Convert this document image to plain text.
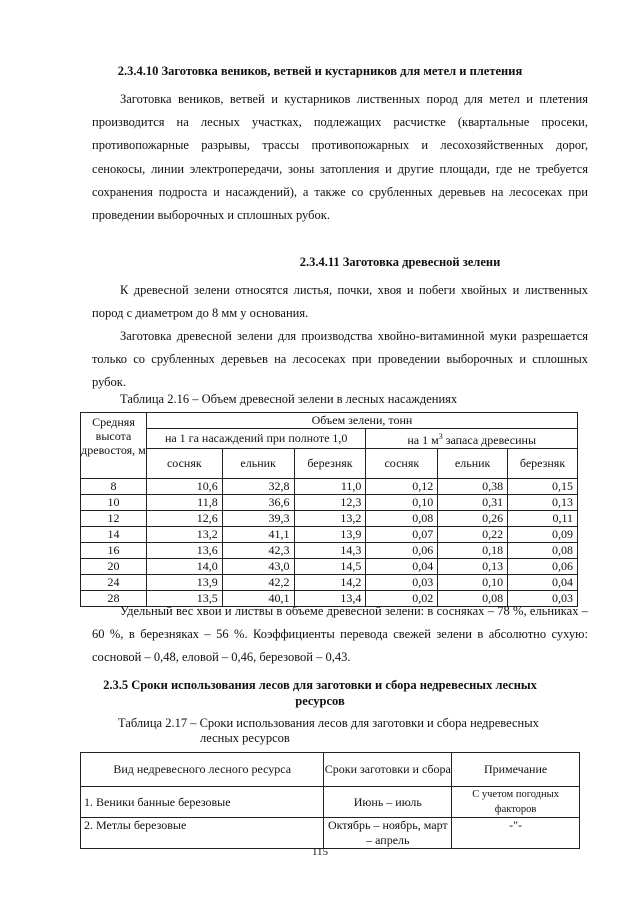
2.3.4.10 Заготовка веников, ветвей и кустарников для метел и плетения
Заготовка веников, ветвей и кустарников лиственных пород для метел и плетения производится на лесных участках, подлежащих расчистке (квартальные просеки, противопожарные разрывы, трассы противопожарных и лесохозяйственных дорог, сенокосы, линии электропередачи, зоны затопления и другие площади, где не требуется сохранения подроста и насаждений), а также со срубленных деревьев на лесосеках при проведении выборочных и сплошных рубок.
2.3.4.11 Заготовка древесной зелени
К древесной зелени относятся листья, почки, хвоя и побеги хвойных и лиственных пород с диаметром до 8 мм у основания.
Заготовка древесной зелени для производства хвойно-витаминной муки разрешается только со срубленных деревьев на лесосеках при проведении выборочных и сплошных рубок.
Таблица 2.16 – Объем древесной зелени в лесных насаждениях
Средняя высота древостоя, м	Объем зелени, тонн					
	на 1 га насаждений при полноте 1,0			на 1 $м^3$ запаса древесины		
	сосняк	ельник	березняк	сосняк	ельник	березняк
8	10,6	32,8	11,0	0,12	0,38	0,15
10	11,8	36,6	12,3	0,10	0,31	0,13
12	12,6	39,3	13,2	0,08	0,26	0,11
14	13,2	41,1	13,9	0,07	0,22	0,09
16	13,6	42,3	14,3	0,06	0,18	0,08
20	14,0	43,0	14,5	0,04	0,13	0,06
24	13,9	42,2	14,2	0,03	0,10	0,04
28	13,5	40,1	13,4	0,02	0,08	0,03
Удельный вес хвои и листвы в объеме древесной зелени: в сосняках – 78 %, ельниках – 60 %, в березняках – 56 %. Коэффициенты перевода свежей зелени в абсолютно сухую: сосновой – 0,48, еловой – 0,46, березовой – 0,43.
2.3.5 Сроки использования лесов для заготовки и сбора недревесных лесных
ресурсов
Таблица 2.17 – Сроки использования лесов для заготовки и сбора недревесных
лесных ресурсов
Вид недревесного лесного ресурса	Сроки заготовки и сбора	Примечание
1. Веники банные березовые	Июнь – июль	С учетом погодных факторов
2. Метлы березовые	Октябрь – ноябрь, март – апрель	-"-
115
